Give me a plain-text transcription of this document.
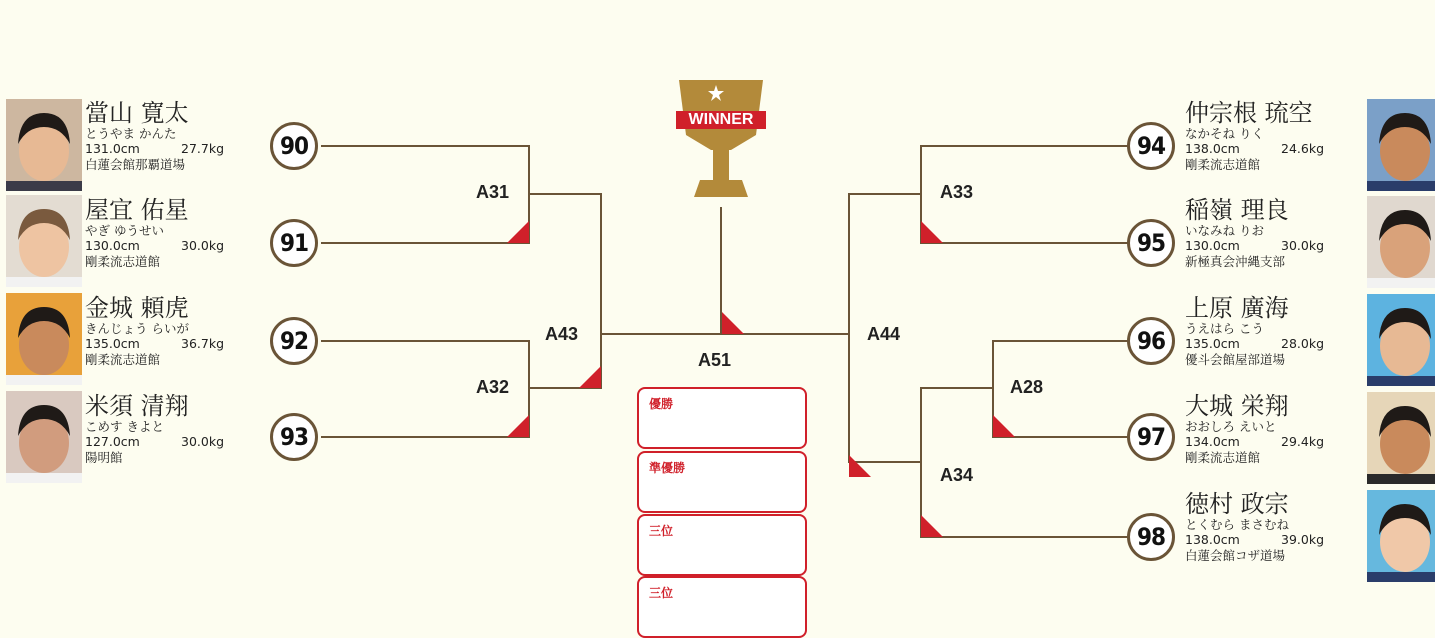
WINNER
A31
A32
A43
A51
A44
A33
A28
A34
優勝
準優勝
三位
三位
90
當山 寛太
とうやま かんた
131.0cm	27.7kg
白蓮会館那覇道場
91
屋宜 佑星
やぎ ゆうせい
130.0cm	30.0kg
剛柔流志道館
92
金城 頼虎
きんじょう らいが
135.0cm	36.7kg
剛柔流志道館
93
米須 清翔
こめす きよと
127.0cm	30.0kg
陽明館
94
仲宗根 琉空
なかそね りく
138.0cm	24.6kg
剛柔流志道館
95
稲嶺 理良
いなみね りお
130.0cm	30.0kg
新極真会沖縄支部
96
上原 廣海
うえはら こう
135.0cm	28.0kg
優斗会館屋部道場
97
大城 栄翔
おおしろ えいと
134.0cm	29.4kg
剛柔流志道館
98
徳村 政宗
とくむら まさむね
138.0cm	39.0kg
白蓮会館コザ道場
